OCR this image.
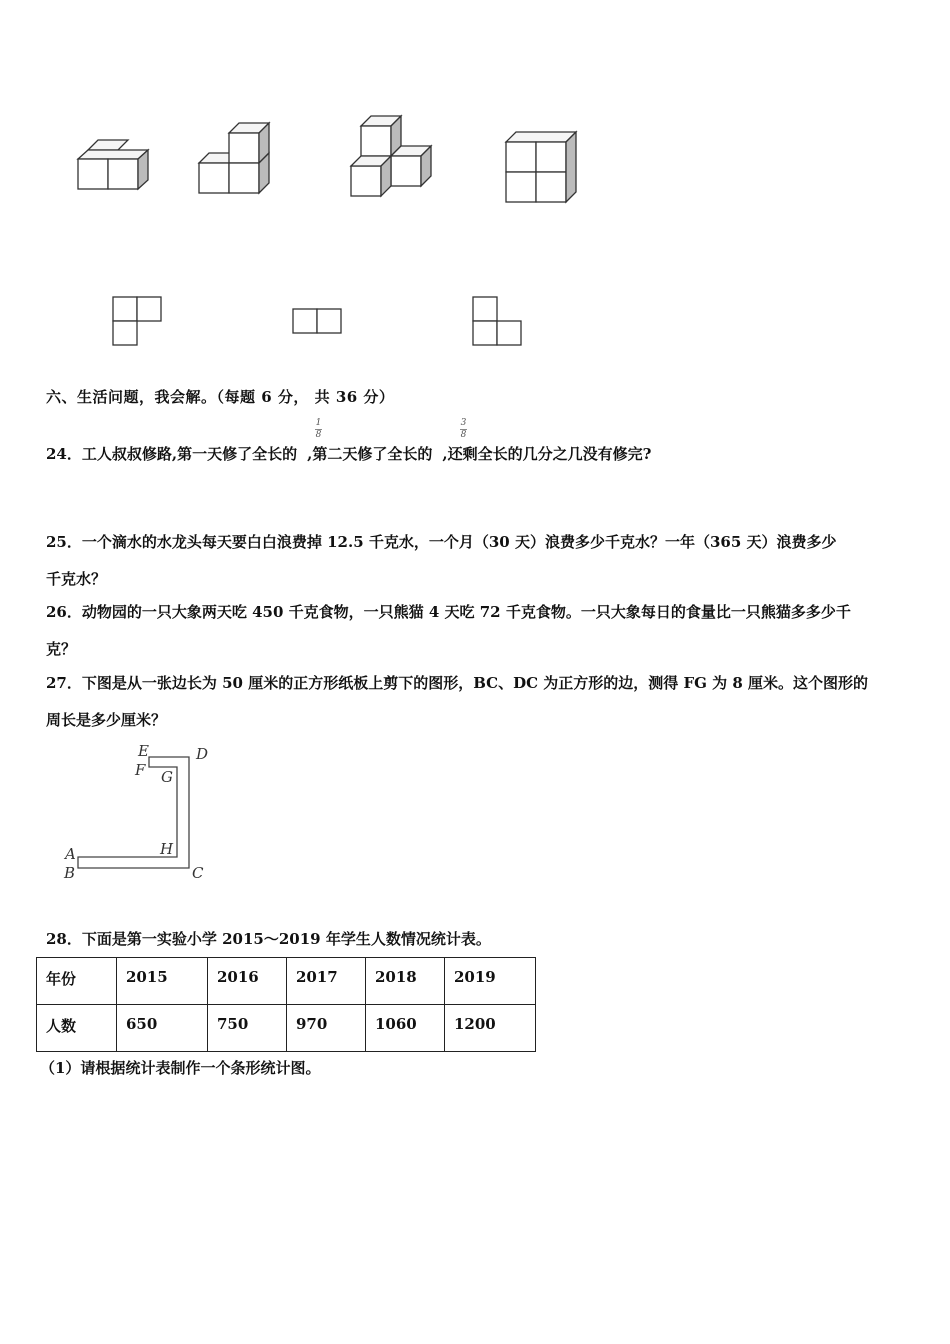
六、生活问题，我会解。（每题 6 分， 共 36 分）
24．工人叔叔修路,第一天修了全长的 ,第二天修了全长的 ,还剩全长的几分之几没有修完?
1
8
3
8
25．一个滴水的水龙头每天要白白浪费掉 12.5 千克水，一个月（30 天）浪费多少千克水？一年（365 天）浪费多少
千克水？
26．动物园的一只大象两天吃 450 千克食物，一只熊猫 4 天吃 72 千克食物。一只大象每日的食量比一只熊猫多多少千
克？
27．下图是从一张边长为 50 厘米的正方形纸板上剪下的图形，BC、DC 为正方形的边，测得 FG 为 8 厘米。这个图形的
周长是多少厘米？
E	D
F G
H
A
B	C
28．下面是第一实验小学 2015～2019 年学生人数情况统计表。
年份	2015	2016	2017	2018	2019
人数	650	750	970	1060	1200
（1）请根据统计表制作一个条形统计图。
